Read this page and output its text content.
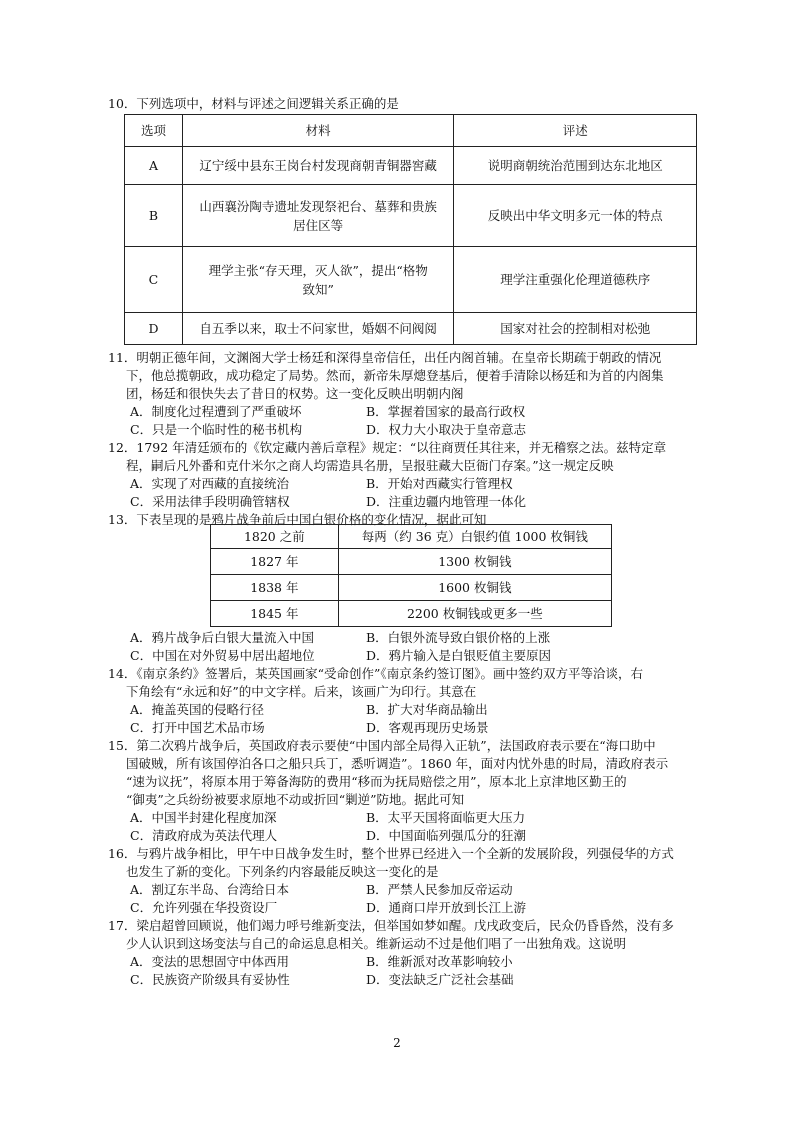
10．下列选项中，材料与评述之间逻辑关系正确的是
选项	材料	评述
A	辽宁绥中县东王岗台村发现商朝青铜器窖藏	说明商朝统治范围到达东北地区
B	山西襄汾陶寺遗址发现祭祀台、墓葬和贵族
居住区等	反映出中华文明多元一体的特点
C	理学主张“存天理，灭人欲”，提出“格物
致知”	理学注重强化伦理道德秩序
D	自五季以来，取士不问家世，婚姻不问阀阅	国家对社会的控制相对松弛
11．明朝正德年间，文渊阁大学士杨廷和深得皇帝信任，出任内阁首辅。在皇帝长期疏于朝政的情况
下，他总揽朝政，成功稳定了局势。然而，新帝朱厚熜登基后，便着手清除以杨廷和为首的内阁集
团，杨廷和很快失去了昔日的权势。这一变化反映出明朝内阁
A．制度化过程遭到了严重破坏	B．掌握着国家的最高行政权
C．只是一个临时性的秘书机构	D．权力大小取决于皇帝意志
12．1792 年清廷颁布的《钦定藏内善后章程》规定：“以往商贾任其往来，并无稽察之法。兹特定章
程，嗣后凡外番和克什米尔之商人均需造具名册，呈报驻藏大臣衙门存案。”这一规定反映
A．实现了对西藏的直接统治	B．开始对西藏实行管理权
C．采用法律手段明确管辖权	D．注重边疆内地管理一体化
13．下表呈现的是鸦片战争前后中国白银价格的变化情况，据此可知
1820 之前	每两（约 36 克）白银约值 1000 枚铜钱
1827 年	1300 枚铜钱
1838 年	1600 枚铜钱
1845 年	2200 枚铜钱或更多一些
A．鸦片战争后白银大量流入中国	B．白银外流导致白银价格的上涨
C．中国在对外贸易中居出超地位	D．鸦片输入是白银贬值主要原因
14．《南京条约》签署后，某英国画家“受命创作”《南京条约签订图》。画中签约双方平等洽谈，右
下角绘有“永远和好”的中文字样。后来，该画广为印行。其意在
A．掩盖英国的侵略行径	B．扩大对华商品输出
C．打开中国艺术品市场	D．客观再现历史场景
15．第二次鸦片战争后，英国政府表示要使“中国内部全局得入正轨”，法国政府表示要在“海口助中
国破贼，所有该国停泊各口之船只兵丁，悉听调造”。1860 年，面对内忧外患的时局，清政府表示
“速为议抚”，将原本用于筹备海防的费用“移而为抚局赔偿之用”，原本北上京津地区勤王的
“御夷”之兵纷纷被要求原地不动或折回“剿逆”防地。据此可知
A．中国半封建化程度加深	B．太平天国将面临更大压力
C．清政府成为英法代理人	D．中国面临列强瓜分的狂潮
16．与鸦片战争相比，甲午中日战争发生时，整个世界已经进入一个全新的发展阶段，列强侵华的方式
也发生了新的变化。下列条约内容最能反映这一变化的是
A．割辽东半岛、台湾给日本	B．严禁人民参加反帝运动
C．允许列强在华投资设厂	D．通商口岸开放到长江上游
17．梁启超曾回顾说，他们竭力呼号维新变法，但举国如梦如醒。戊戌政变后，民众仍昏昏然，没有多
少人认识到这场变法与自己的命运息息相关。维新运动不过是他们唱了一出独角戏。这说明
A．变法的思想固守中体西用	B．维新派对改革影响较小
C．民族资产阶级具有妥协性	D．变法缺乏广泛社会基础
2
